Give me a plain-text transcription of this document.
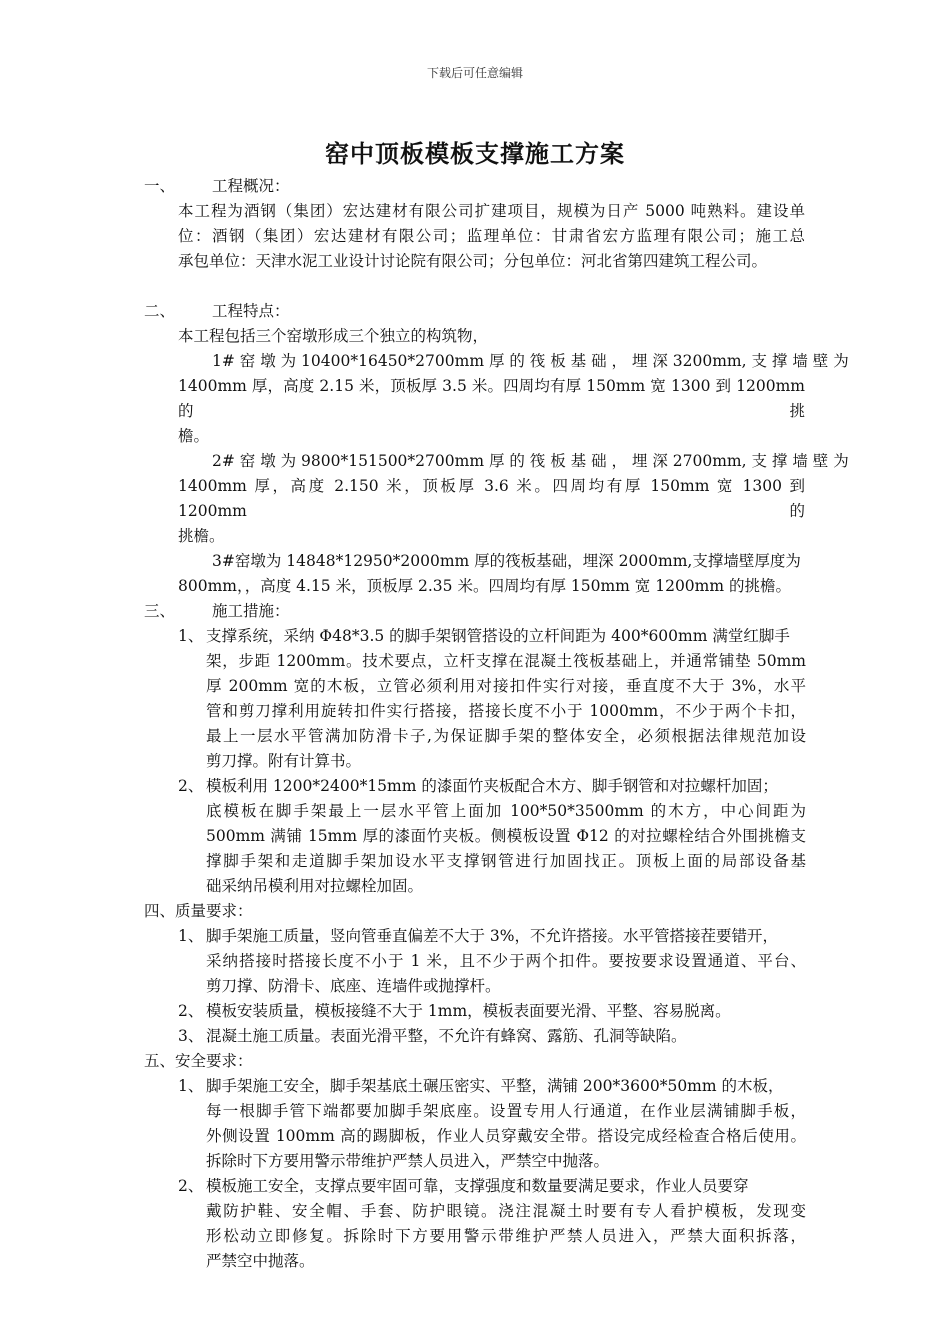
下载后可任意编辑
窑中顶板模板支撑施工方案
一、 工程概况：
本工程为酒钢（集团）宏达建材有限公司扩建项目，规模为日产 5000 吨熟料。建设单
位：酒钢（集团）宏达建材有限公司；监理单位：甘肃省宏方监理有限公司；施工总
承包单位：天津水泥工业设计讨论院有限公司；分包单位：河北省第四建筑工程公司。
二、 工程特点：
本工程包括三个窑墩形成三个独立的构筑物，
1# 窑 墩 为 10400*16450*2700mm 厚 的 筏 板 基 础 ， 埋 深 3200mm, 支 撑 墙 壁 为
1400mm 厚，高度 2.15 米，顶板厚 3.5 米。四周均有厚 150mm 宽 1300 到 1200mm 的挑
檐。
2# 窑 墩 为 9800*151500*2700mm 厚 的 筏 板 基 础 ， 埋 深 2700mm, 支 撑 墙 壁 为
1400mm 厚，高度 2.150 米，顶板厚 3.6 米。四周均有厚 150mm 宽 1300 到 1200mm 的
挑檐。
3#窑墩为 14848*12950*2000mm 厚的筏板基础，埋深 2000mm,支撑墙壁厚度为
800mm，，高度 4.15 米，顶板厚 2.35 米。四周均有厚 150mm 宽 1200mm 的挑檐。
三、 施工措施：
1、 支撑系统，采纳 Φ48*3.5 的脚手架钢管搭设的立杆间距为 400*600mm 满堂红脚手
架，步距 1200mm。技术要点，立杆支撑在混凝土筏板基础上，并通常铺垫 50mm
厚 200mm 宽的木板，立管必须利用对接扣件实行对接，垂直度不大于 3%，水平
管和剪刀撑利用旋转扣件实行搭接，搭接长度不小于 1000mm，不少于两个卡扣，
最上一层水平管满加防滑卡子,为保证脚手架的整体安全，必须根据法律规范加设
剪刀撑。附有计算书。
2、 模板利用 1200*2400*15mm 的漆面竹夹板配合木方、脚手钢管和对拉螺杆加固；
底模板在脚手架最上一层水平管上面加 100*50*3500mm 的木方，中心间距为
500mm 满铺 15mm 厚的漆面竹夹板。侧模板设置 Φ12 的对拉螺栓结合外围挑檐支
撑脚手架和走道脚手架加设水平支撑钢管进行加固找正。顶板上面的局部设备基
础采纳吊模利用对拉螺栓加固。
四、质量要求：
1、 脚手架施工质量，竖向管垂直偏差不大于 3%，不允许搭接。水平管搭接茬要错开，
采纳搭接时搭接长度不小于 1 米，且不少于两个扣件。要按要求设置通道、平台、
剪刀撑、防滑卡、底座、连墙件或抛撑杆。
2、 模板安装质量，模板接缝不大于 1mm，模板表面要光滑、平整、容易脱离。
3、 混凝土施工质量。表面光滑平整，不允许有蜂窝、露筋、孔洞等缺陷。
五、安全要求：
1、 脚手架施工安全，脚手架基底土碾压密实、平整，满铺 200*3600*50mm 的木板，
每一根脚手管下端都要加脚手架底座。设置专用人行通道，在作业层满铺脚手板，
外侧设置 100mm 高的踢脚板，作业人员穿戴安全带。搭设完成经检查合格后使用。
拆除时下方要用警示带维护严禁人员进入，严禁空中抛落。
2、 模板施工安全，支撑点要牢固可靠，支撑强度和数量要满足要求，作业人员要穿
戴防护鞋、安全帽、手套、防护眼镜。浇注混凝土时要有专人看护模板，发现变
形松动立即修复。拆除时下方要用警示带维护严禁人员进入，严禁大面积拆落，
严禁空中抛落。
